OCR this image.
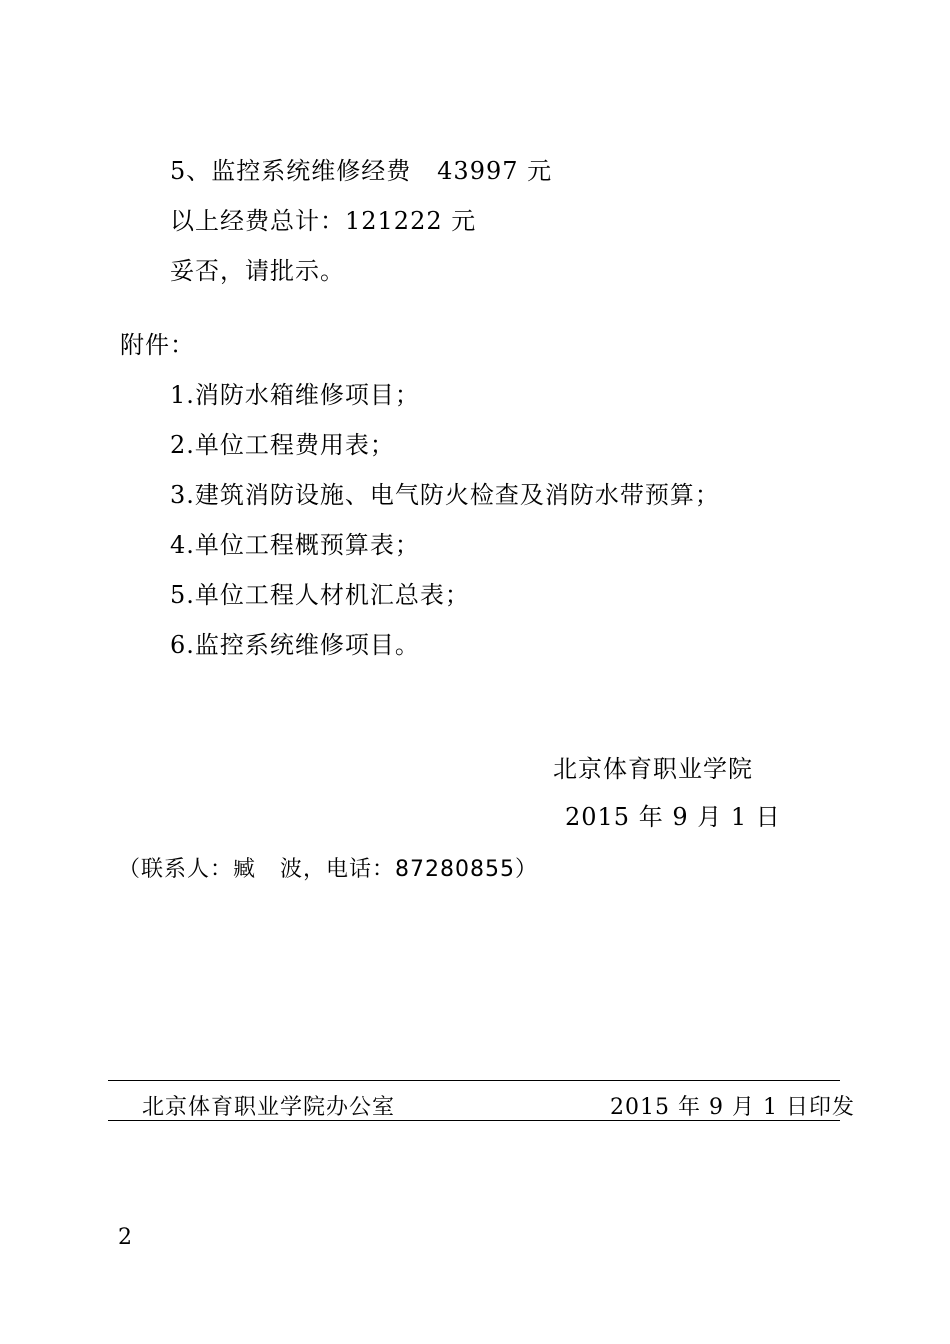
5、监控系统维修经费   43997 元
以上经费总计：121222 元
妥否，请批示。
附件：
1.消防水箱维修项目；
2.单位工程费用表；
3.建筑消防设施、电气防火检查及消防水带预算；
4.单位工程概预算表；
5.单位工程人材机汇总表；
6.监控系统维修项目。
北京体育职业学院
2015 年 9 月 1 日
（联系人：臧   波，电话：87280855）
北京体育职业学院办公室	2015 年 9 月 1 日印发
2
